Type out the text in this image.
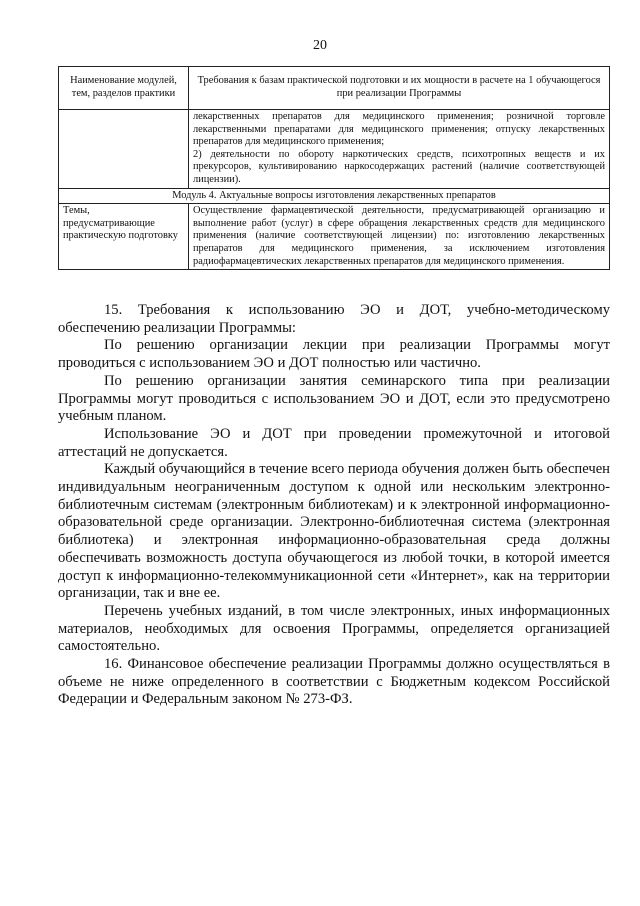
20
Наименование модулей, тем, разделов практики	Требования к базам практической подготовки и их мощности в расчете на 1 обучающегося при реализации Программы

	лекарственных препаратов для медицинского применения; розничной торговле лекарственными препаратами для медицинского применения; отпуску лекарственных препаратов для медицинского применения;
2) деятельности по обороту наркотических средств, психотропных веществ и их прекурсоров, культивированию наркосодержащих растений (наличие соответствующей лицензии).

Модуль 4. Актуальные вопросы изготовления лекарственных препаратов	
Темы, предусматривающие практическую подготовку	Осуществление фармацевтической деятельности, предусматривающей организацию и выполнение работ (услуг) в сфере обращения лекарственных средств для медицинского применения (наличие соответствующей лицензии) по: изготовлению лекарственных препаратов для медицинского применения, за исключением изготовления радиофармацевтических лекарственных препаратов для медицинского применения.

15. Требования к использованию ЭО и ДОТ, учебно-методическому обеспечению реализации Программы:

По решению организации лекции при реализации Программы могут проводиться с использованием ЭО и ДОТ полностью или частично.

По решению организации занятия семинарского типа при реализации Программы могут проводиться с использованием ЭО и ДОТ, если это предусмотрено учебным планом.

Использование ЭО и ДОТ при проведении промежуточной и итоговой аттестаций не допускается.

Каждый обучающийся в течение всего периода обучения должен быть обеспечен индивидуальным неограниченным доступом к одной или нескольким электронно-библиотечным системам (электронным библиотекам) и к электронной информационно-образовательной среде организации. Электронно-библиотечная система (электронная библиотека) и электронная информационно-образовательная среда должны обеспечивать возможность доступа обучающегося из любой точки, в которой имеется доступ к информационно-телекоммуникационной сети «Интернет», как на территории организации, так и вне ее.

Перечень учебных изданий, в том числе электронных, иных информационных материалов, необходимых для освоения Программы, определяется организацией самостоятельно.

16. Финансовое обеспечение реализации Программы должно осуществляться в объеме не ниже определенного в соответствии с Бюджетным кодексом Российской Федерации и Федеральным законом № 273-ФЗ.
